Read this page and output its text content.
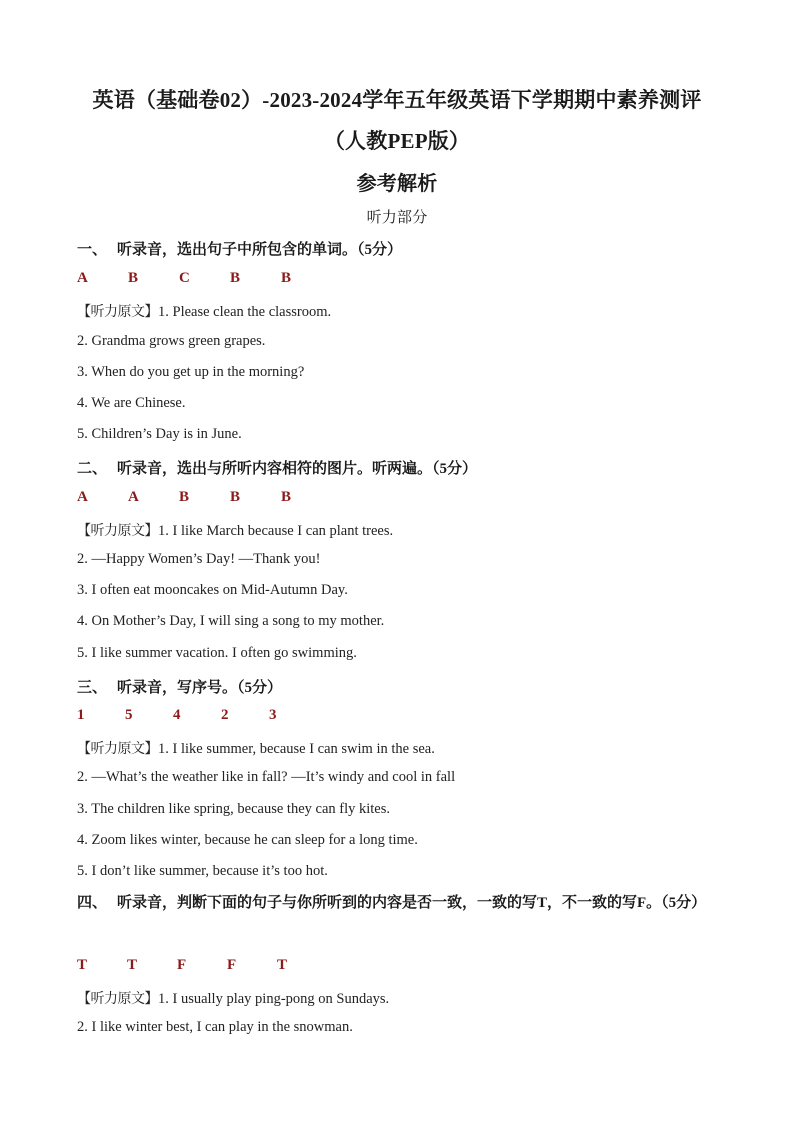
英语（基础卷02）-2023-2024学年五年级英语下学期期中素养测评
（人教PEP版）
参考解析
听力部分
一、 听录音，选出句子中所包含的单词。（5分）
A	B	C	B	B
【听力原文】1. Please clean the classroom.
2. Grandma grows green grapes.
3. When do you get up in the morning?
4. We are Chinese.
5. Children’s Day is in June.
二、 听录音，选出与所听内容相符的图片。听两遍。（5分）
A	A	B	B	B
【听力原文】1. I like March because I can plant trees.
2. —Happy Women’s Day! —Thank you!
3. I often eat mooncakes on Mid-Autumn Day.
4. On Mother’s Day, I will sing a song to my mother.
5. I like summer vacation. I often go swimming.
三、 听录音，写序号。（5分）
1	5	4	2	3
【听力原文】1. I like summer, because I can swim in the sea.
2. —What’s the weather like in fall? —It’s windy and cool in fall
3. The children like spring, because they can fly kites.
4. Zoom likes winter, because he can sleep for a long time.
5. I don’t like summer, because it’s too hot.
四、 听录音，判断下面的句子与你所听到的内容是否一致，一致的写T，不一致的写F。（5分）
T	T	F	F	T
【听力原文】1. I usually play ping-pong on Sundays.
2. I like winter best, I can play in the snowman.
